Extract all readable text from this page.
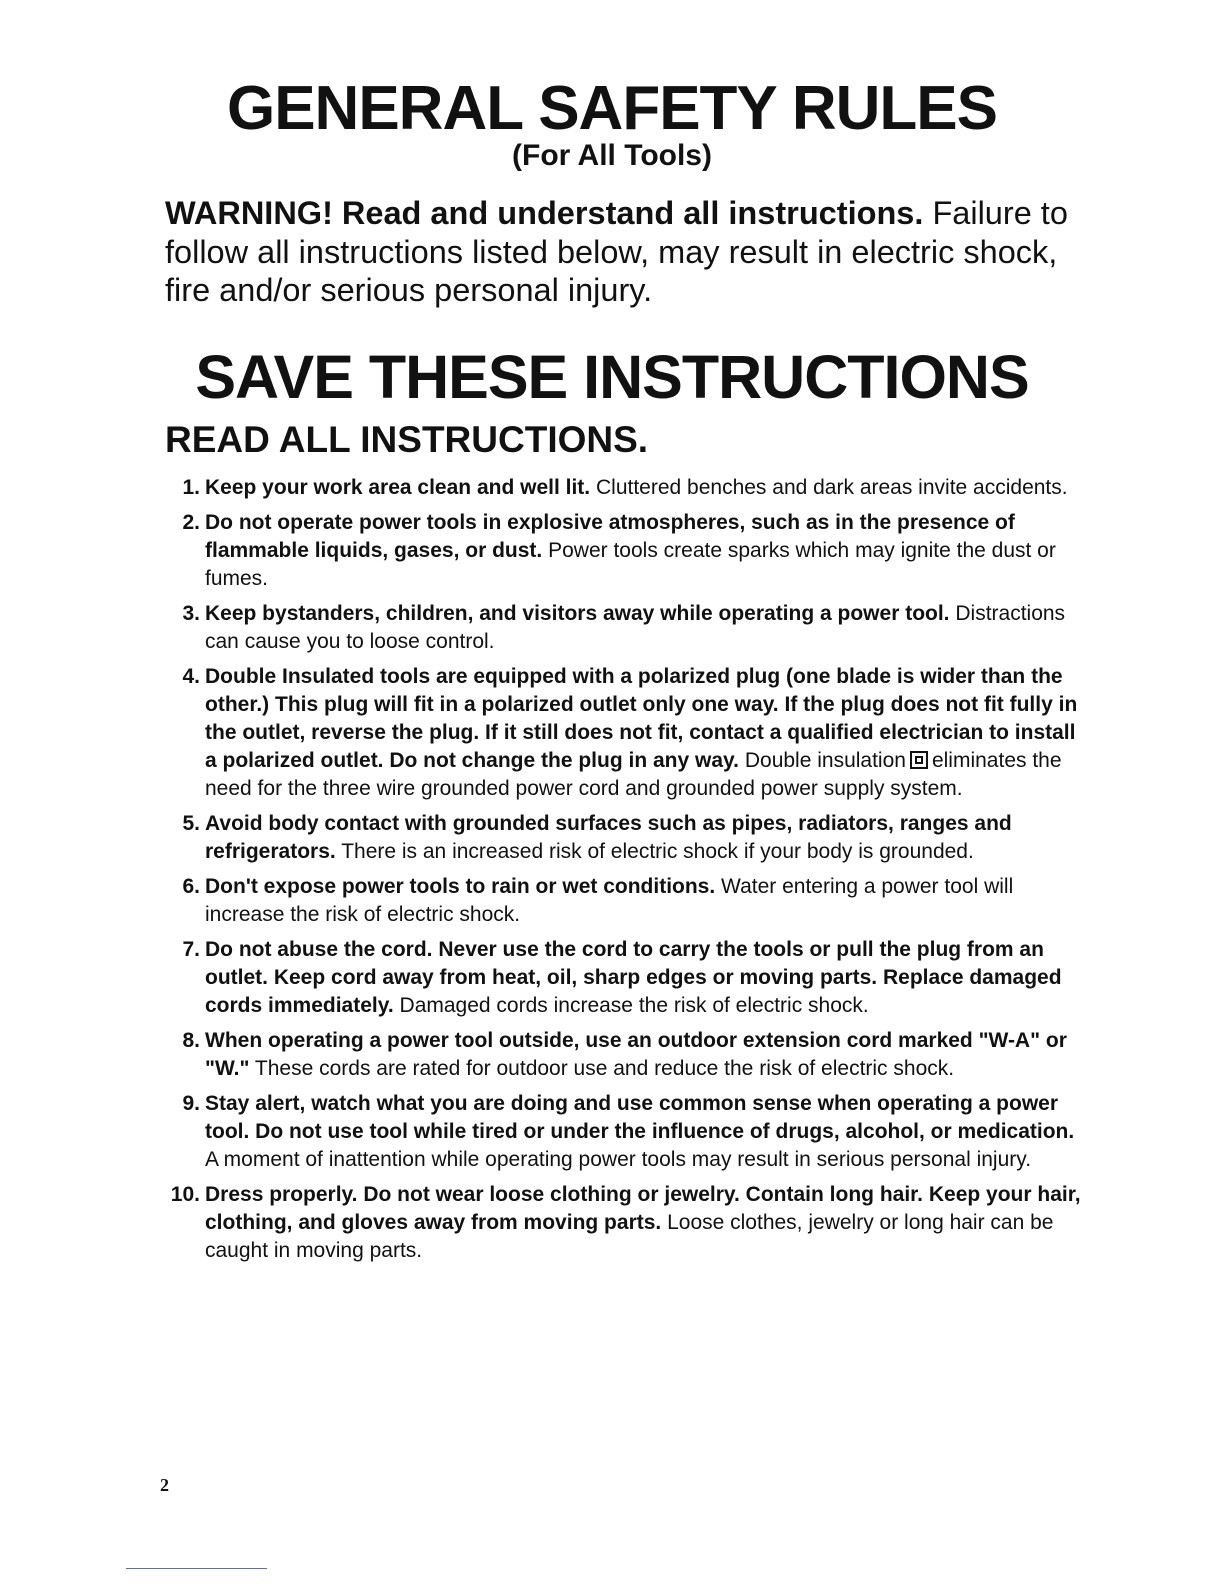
GENERAL SAFETY RULES
(For All Tools)

WARNING! Read and understand all instructions. Failure to follow all instructions listed below, may result in electric shock, fire and/or serious personal injury.

SAVE THESE INSTRUCTIONS
READ ALL INSTRUCTIONS.
1. Keep your work area clean and well lit. Cluttered benches and dark areas invite accidents.
2. Do not operate power tools in explosive atmospheres, such as in the presence of flammable liquids, gases, or dust. Power tools create sparks which may ignite the dust or fumes.
3. Keep bystanders, children, and visitors away while operating a power tool. Distractions can cause you to loose control.
4. Double Insulated tools are equipped with a polarized plug (one blade is wider than the other.) This plug will fit in a polarized outlet only one way. If the plug does not fit fully in the outlet, reverse the plug. If it still does not fit, contact a qualified electrician to install a polarized outlet. Do not change the plug in any way. Double insulation eliminates the need for the three wire grounded power cord and grounded power supply system.
5. Avoid body contact with grounded surfaces such as pipes, radiators, ranges and refrigerators. There is an increased risk of electric shock if your body is grounded.
6. Don't expose power tools to rain or wet conditions. Water entering a power tool will increase the risk of electric shock.
7. Do not abuse the cord. Never use the cord to carry the tools or pull the plug from an outlet. Keep cord away from heat, oil, sharp edges or moving parts. Replace damaged cords immediately. Damaged cords increase the risk of electric shock.
8. When operating a power tool outside, use an outdoor extension cord marked "W-A" or "W." These cords are rated for outdoor use and reduce the risk of electric shock.
9. Stay alert, watch what you are doing and use common sense when operating a power tool. Do not use tool while tired or under the influence of drugs, alcohol, or medication. A moment of inattention while operating power tools may result in serious personal injury.
10. Dress properly. Do not wear loose clothing or jewelry. Contain long hair. Keep your hair, clothing, and gloves away from moving parts. Loose clothes, jewelry or long hair can be caught in moving parts.
2
